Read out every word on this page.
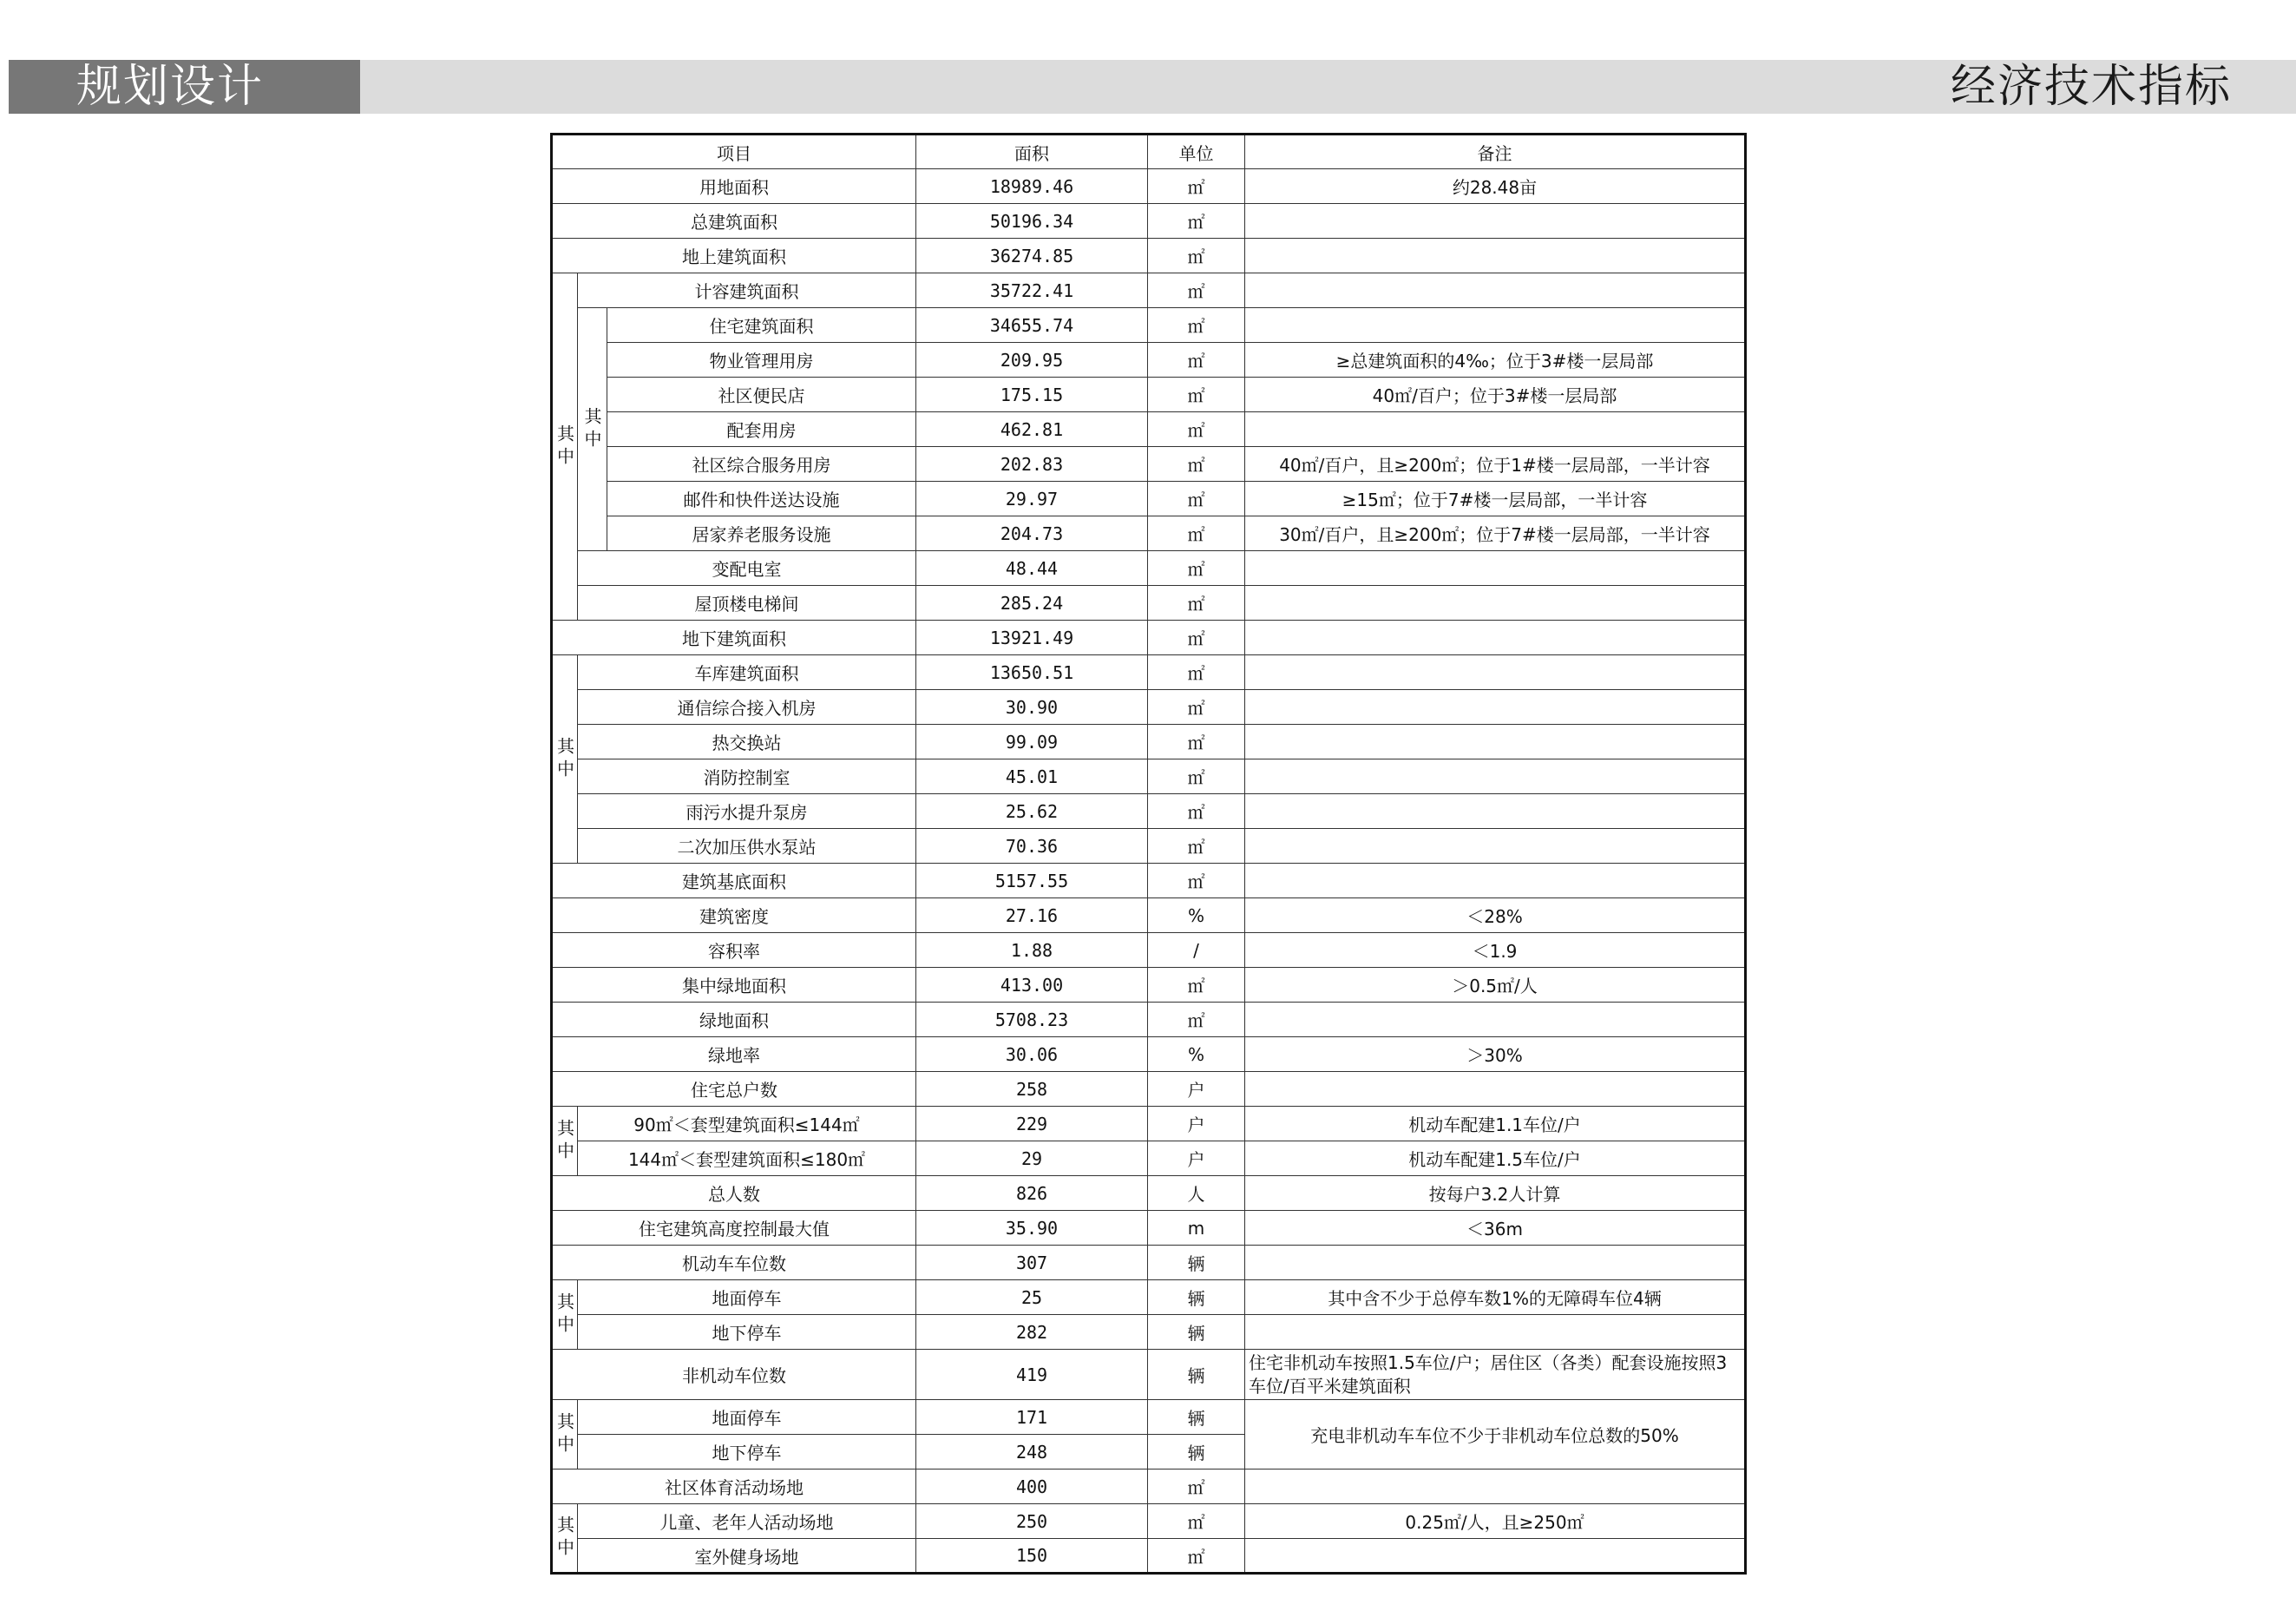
规划设计	经济技术指标
项目			面积	单位	备注
用地面积			18989.46	㎡	约28.48亩
总建筑面积			50196.34	㎡	
地上建筑面积			36274.85	㎡	
其中	计容建筑面积		35722.41	㎡	
	其中	住宅建筑面积	34655.74	㎡	
		物业管理用房	209.95	㎡	≥总建筑面积的4‰；位于3#楼一层局部
		社区便民店	175.15	㎡	40㎡/百户；位于3#楼一层局部
		配套用房	462.81	㎡	
		社区综合服务用房	202.83	㎡	40㎡/百户，且≥200㎡；位于1#楼一层局部，一半计容
		邮件和快件送达设施	29.97	㎡	≥15㎡；位于7#楼一层局部，一半计容
		居家养老服务设施	204.73	㎡	30㎡/百户，且≥200㎡；位于7#楼一层局部，一半计容
	变配电室		48.44	㎡	
	屋顶楼电梯间		285.24	㎡	
地下建筑面积			13921.49	㎡	
其中	车库建筑面积		13650.51	㎡	
	通信综合接入机房		30.90	㎡	
	热交换站		99.09	㎡	
	消防控制室		45.01	㎡	
	雨污水提升泵房		25.62	㎡	
	二次加压供水泵站		70.36	㎡	
建筑基底面积			5157.55	㎡	
建筑密度			27.16	%	＜28%
容积率			1.88	/	＜1.9
集中绿地面积			413.00	㎡	＞0.5㎡/人
绿地面积			5708.23	㎡	
绿地率			30.06	%	＞30%
住宅总户数			258	户	
其中	90㎡＜套型建筑面积≤144㎡		229	户	机动车配建1.1车位/户
	144㎡＜套型建筑面积≤180㎡		29	户	机动车配建1.5车位/户
总人数			826	人	按每户3.2人计算
住宅建筑高度控制最大值			35.90	m	＜36m
机动车车位数			307	辆	
其中	地面停车		25	辆	其中含不少于总停车数1%的无障碍车位4辆
	地下停车		282	辆	
非机动车位数			419	辆	住宅非机动车按照1.5车位/户；居住区（各类）配套设施按照3车位/百平米建筑面积
其中	地面停车		171	辆	充电非机动车车位不少于非机动车位总数的50%
	地下停车		248	辆	
社区体育活动场地			400	㎡	
其中	儿童、老年人活动场地		250	㎡	0.25㎡/人，且≥250㎡
	室外健身场地		150	㎡	
